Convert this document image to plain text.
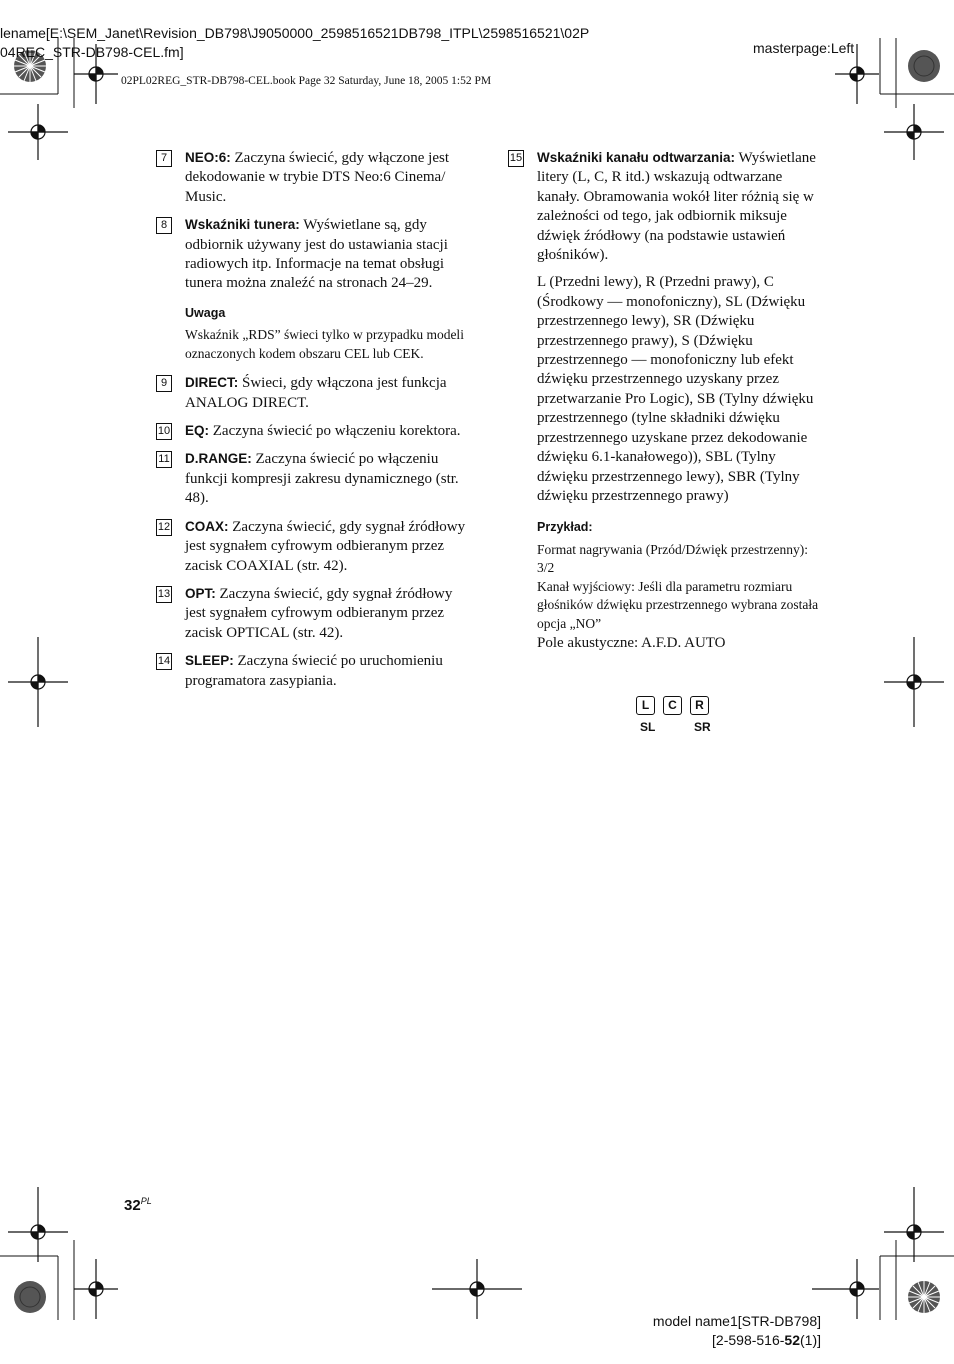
lename[E:\SEM_Janet\Revision_DB798\J9050000_2598516521DB798_ITPL\2598516521\02P
04REC_STR-DB798-CEL.fm]	masterpage:Left
02PL02REG_STR-DB798-CEL.book Page 32 Saturday, June 18, 2005 1:52 PM
7	NEO:6: Zaczyna świecić, gdy włączone jest dekodowanie w trybie DTS Neo:6 Cinema/ Music.
8	Wskaźniki tunera: Wyświetlane są, gdy odbiornik używany jest do ustawiania stacji radiowych itp. Informacje na temat obsługi tunera można znaleźć na stronach 24–29.
Uwaga
Wskaźnik „RDS” świeci tylko w przypadku modeli oznaczonych kodem obszaru CEL lub CEK.
9	DIRECT: Świeci, gdy włączona jest funkcja ANALOG DIRECT.
10 EQ: Zaczyna świecić po włączeniu korektora.
11 D.RANGE: Zaczyna świecić po włączeniu funkcji kompresji zakresu dynamicznego (str. 48).
12 COAX: Zaczyna świecić, gdy sygnał źródłowy jest sygnałem cyfrowym odbieranym przez zacisk COAXIAL (str. 42).
13 OPT: Zaczyna świecić, gdy sygnał źródłowy jest sygnałem cyfrowym odbieranym przez zacisk OPTICAL (str. 42).
14 SLEEP: Zaczyna świecić po uruchomieniu programatora zasypiania.
15 Wskaźniki kanału odtwarzania: Wyświetlane litery (L, C, R itd.) wskazują odtwarzane kanały. Obramowania wokół liter różnią się w zależności od tego, jak odbiornik miksuje dźwięk źródłowy (na podstawie ustawień głośników).
L (Przedni lewy), R (Przedni prawy), C (Środkowy — monofoniczny), SL (Dźwięku przestrzennego lewy), SR (Dźwięku przestrzennego prawy), S (Dźwięku przestrzennego — monofoniczny lub efekt dźwięku przestrzennego uzyskany przez przetwarzanie Pro Logic), SB (Tylny dźwięku przestrzennego (tylne składniki dźwięku przestrzennego uzyskane przez dekodowanie dźwięku 6.1-kanałowego)), SBL (Tylny dźwięku przestrzennego lewy), SBR (Tylny dźwięku przestrzennego prawy)
Przykład:
Format nagrywania (Przód/Dźwięk przestrzenny): 3/2
Kanał wyjściowy: Jeśli dla parametru rozmiaru głośników dźwięku przestrzennego wybrana została opcja „NO”
Pole akustyczne: A.F.D. AUTO
L	C	R
SL	SR
$32^{PL}$
model name1[STR-DB798]
[2-598-516-52(1)]
